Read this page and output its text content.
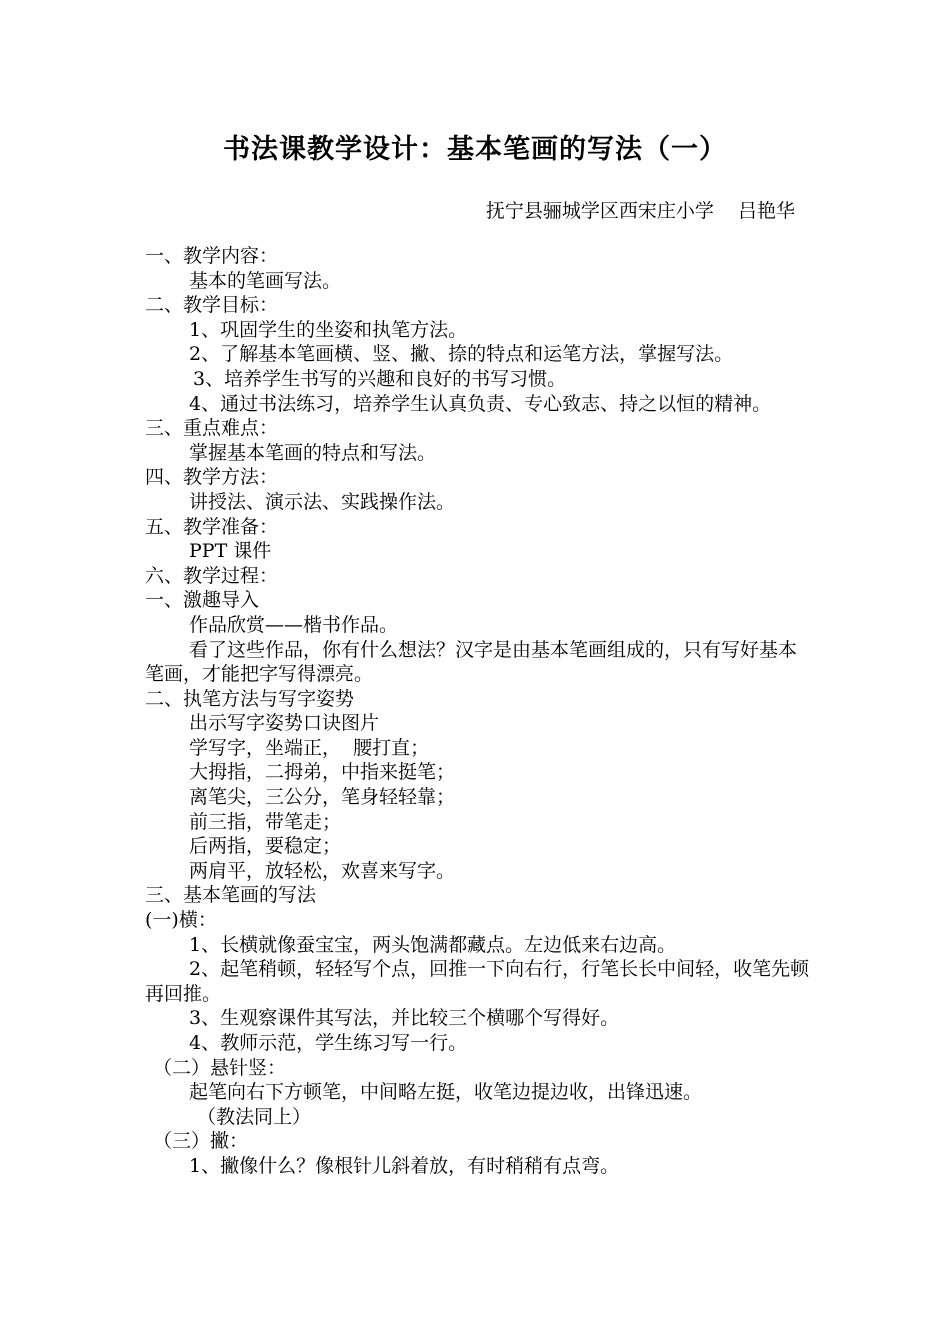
书法课教学设计：基本笔画的写法（一）
抚宁县骊城学区西宋庄小学    吕艳华
一、教学内容：
基本的笔画写法。
二、教学目标：
1、巩固学生的坐姿和执笔方法。
2、了解基本笔画横、竖、撇、捺的特点和运笔方法，掌握写法。
3、培养学生书写的兴趣和良好的书写习惯。
4、通过书法练习，培养学生认真负责、专心致志、持之以恒的精神。
三、重点难点：
掌握基本笔画的特点和写法。
四、教学方法：
讲授法、演示法、实践操作法。
五、教学准备：
PPT 课件
六、教学过程：
一、激趣导入
作品欣赏——楷书作品。
看了这些作品，你有什么想法？汉字是由基本笔画组成的，只有写好基本笔画，才能把字写得漂亮。
二、执笔方法与写字姿势
出示写字姿势口诀图片
学写字，坐端正，  腰打直；
大拇指，二拇弟，中指来挺笔；
离笔尖，三公分，笔身轻轻靠；
前三指，带笔走；
后两指，要稳定；
两肩平，放轻松，欢喜来写字。
三、基本笔画的写法
(一)横：
1、长横就像蚕宝宝，两头饱满都藏点。左边低来右边高。
2、起笔稍顿，轻轻写个点，回推一下向右行，行笔长长中间轻，收笔先顿再回推。
3、生观察课件其写法，并比较三个横哪个写得好。
4、教师示范，学生练习写一行。
（二）悬针竖：
起笔向右下方顿笔，中间略左挺，收笔边提边收，出锋迅速。
（教法同上）
（三）撇：
1、撇像什么？像根针儿斜着放，有时稍稍有点弯。
